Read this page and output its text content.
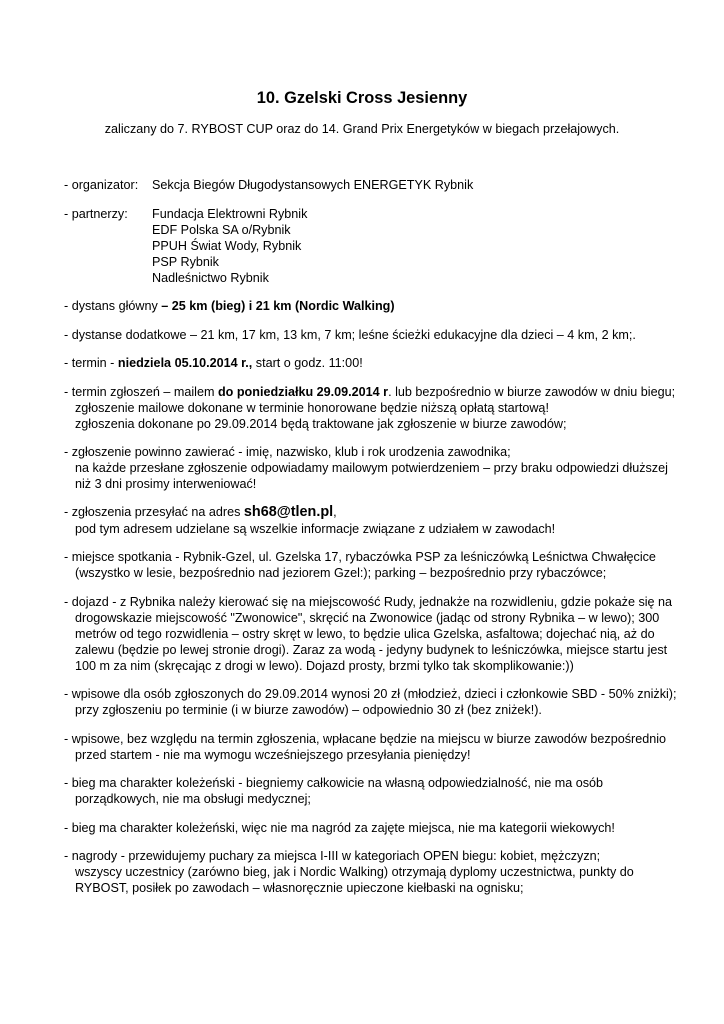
10. Gzelski Cross Jesienny
zaliczany do 7. RYBOST CUP oraz do 14. Grand Prix Energetyków w biegach przełajowych.
- organizator: Sekcja Biegów Długodystansowych ENERGETYK Rybnik
- partnerzy: Fundacja Elektrowni Rybnik
EDF Polska SA o/Rybnik
PPUH Świat Wody, Rybnik
PSP Rybnik
Nadleśnictwo Rybnik
- dystans główny – 25 km (bieg) i 21 km (Nordic Walking)
- dystanse dodatkowe – 21 km, 17 km, 13 km, 7 km; leśne ścieżki edukacyjne dla dzieci – 4 km, 2 km;.
- termin - niedziela 05.10.2014 r., start o godz. 11:00!
- termin zgłoszeń – mailem do poniedziałku 29.09.2014 r. lub bezpośrednio w biurze zawodów w dniu biegu;
zgłoszenie mailowe dokonane w terminie honorowane będzie niższą opłatą startową!
zgłoszenia dokonane po 29.09.2014 będą traktowane jak zgłoszenie w biurze zawodów;
- zgłoszenie powinno zawierać - imię, nazwisko, klub i rok urodzenia zawodnika;
na każde przesłane zgłoszenie odpowiadamy mailowym potwierdzeniem – przy braku odpowiedzi dłuższej
niż 3 dni prosimy interweniować!
- zgłoszenia przesyłać na adres sh68@tlen.pl,
pod tym adresem udzielane są wszelkie informacje związane z udziałem w zawodach!
- miejsce spotkania - Rybnik-Gzel, ul. Gzelska 17, rybaczówka PSP za leśniczówką Leśnictwa Chwałęcice
(wszystko w lesie, bezpośrednio nad jeziorem Gzel:); parking – bezpośrednio przy rybaczówce;
- dojazd - z Rybnika należy kierować się na miejscowość Rudy, jednakże na rozwidleniu, gdzie pokaże się na
drogowskazie miejscowość "Zwonowice", skręcić na Zwonowice (jadąc od strony Rybnika – w lewo); 300
metrów od tego rozwidlenia – ostry skręt w lewo, to będzie ulica Gzelska, asfaltowa; dojechać nią, aż do
zalewu (będzie po lewej stronie drogi). Zaraz za wodą - jedyny budynek to leśniczówka, miejsce startu jest
100 m za nim (skręcając z drogi w lewo). Dojazd prosty, brzmi tylko tak skomplikowanie:))
- wpisowe dla osób zgłoszonych do 29.09.2014 wynosi 20 zł (młodzież, dzieci i członkowie SBD - 50% zniżki);
przy zgłoszeniu po terminie (i w biurze zawodów) – odpowiednio 30 zł (bez zniżek!).
- wpisowe, bez względu na termin zgłoszenia, wpłacane będzie na miejscu w biurze zawodów bezpośrednio
przed startem - nie ma wymogu wcześniejszego przesyłania pieniędzy!
- bieg ma charakter koleżeński - biegniemy całkowicie na własną odpowiedzialność, nie ma osób
porządkowych, nie ma obsługi medycznej;
- bieg ma charakter koleżeński, więc nie ma nagród za zajęte miejsca, nie ma kategorii wiekowych!
- nagrody - przewidujemy puchary za miejsca I-III w kategoriach OPEN biegu: kobiet, mężczyzn;
wszyscy uczestnicy (zarówno bieg, jak i Nordic Walking) otrzymają dyplomy uczestnictwa, punkty do
RYBOST, posiłek po zawodach – własnoręcznie upieczone kiełbaski na ognisku;
